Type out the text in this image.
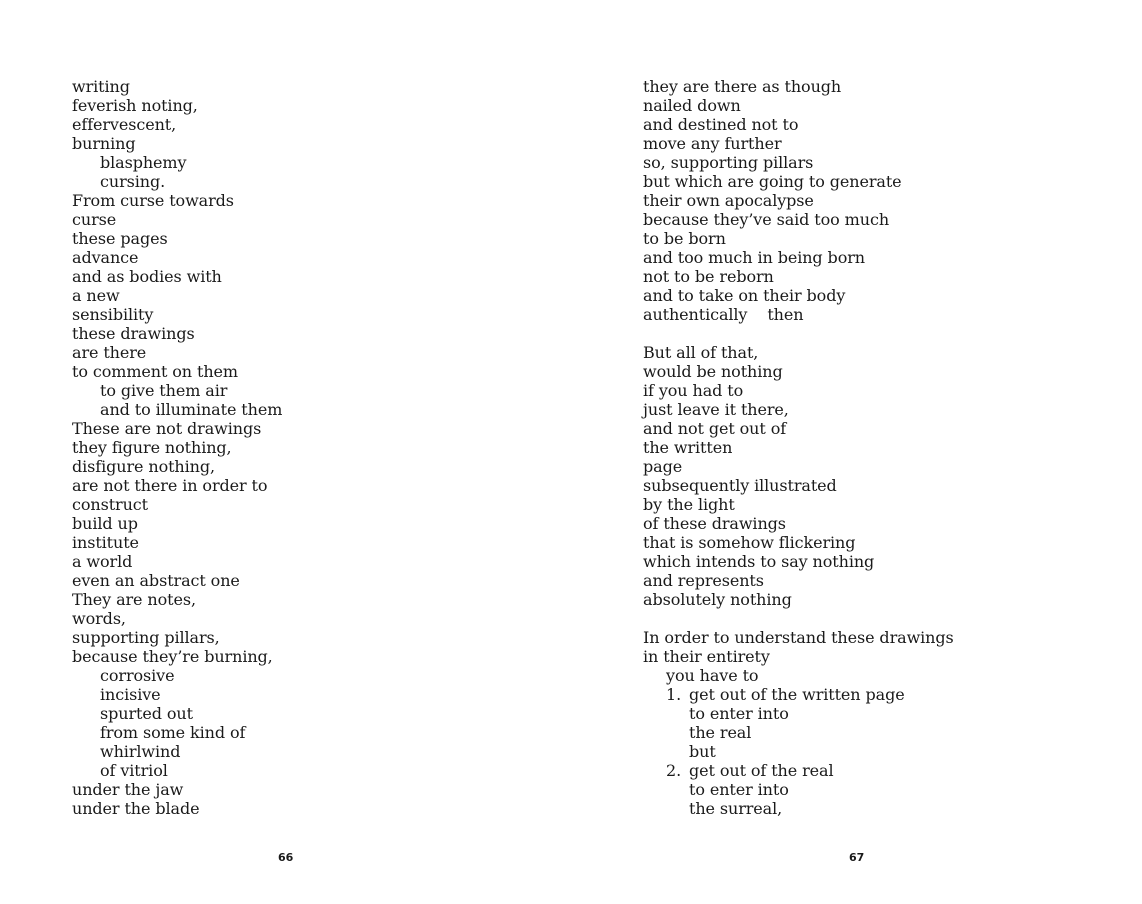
writing
feverish noting,
effervescent,
burning
blasphemy
cursing.
From curse towards
curse
these pages
advance
and as bodies with
a new
sensibility
these drawings
are there
to comment on them
to give them air
and to illuminate them
These are not drawings
they figure nothing,
disfigure nothing,
are not there in order to
construct
build up
institute
a world
even an abstract one
They are notes,
words,
supporting pillars,
because they’re burning,
corrosive
incisive
spurted out
from some kind of
whirlwind
of vitriol
under the jaw
under the blade
they are there as though
nailed down
and destined not to
move any further
so, supporting pillars
but which are going to generate
their own apocalypse
because they’ve said too much
to be born
and too much in being born
not to be reborn
and to take on their body
authentically    then
But all of that,
would be nothing
if you had to
just leave it there,
and not get out of
the written
page
subsequently illustrated
by the light
of these drawings
that is somehow flickering
which intends to say nothing
and represents
absolutely nothing
In order to understand these drawings
in their entirety
you have to
1. get out of the written page
to enter into
the real
but
2. get out of the real
to enter into
the surreal,
66	67
